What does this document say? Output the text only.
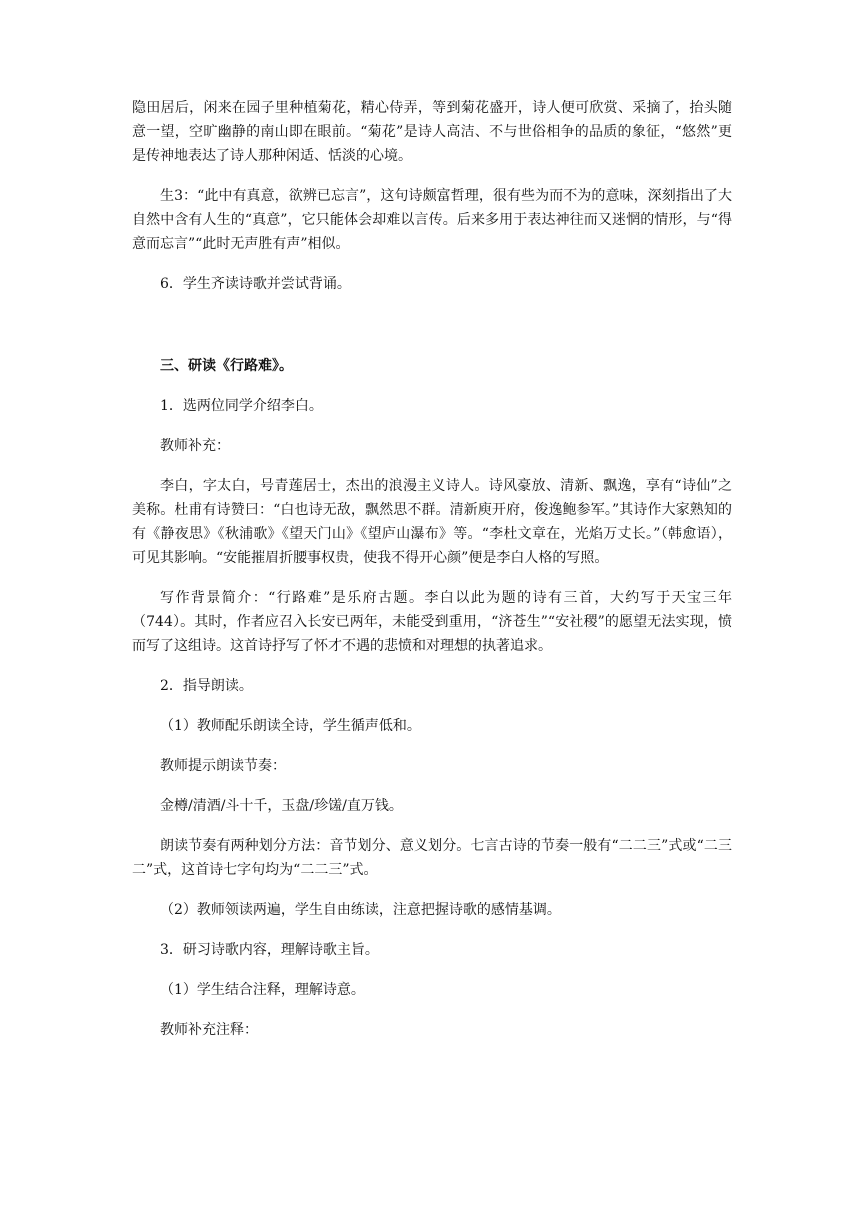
隐田居后，闲来在园子里种植菊花，精心侍弄，等到菊花盛开，诗人便可欣赏、采摘了，抬头随意一望，空旷幽静的南山即在眼前。“菊花”是诗人高洁、不与世俗相争的品质的象征，“悠然”更是传神地表达了诗人那种闲适、恬淡的心境。

生3：“此中有真意，欲辨已忘言”，这句诗颇富哲理，很有些为而不为的意味，深刻指出了大自然中含有人生的“真意”，它只能体会却难以言传。后来多用于表达神往而又迷惘的情形，与“得意而忘言”“此时无声胜有声”相似。

6．学生齐读诗歌并尝试背诵。

三、研读《行路难》。

1．选两位同学介绍李白。

教师补充：

李白，字太白，号青莲居士，杰出的浪漫主义诗人。诗风豪放、清新、飘逸，享有“诗仙”之美称。杜甫有诗赞曰：“白也诗无敌，飘然思不群。清新庾开府，俊逸鲍参军。”其诗作大家熟知的有《静夜思》《秋浦歌》《望天门山》《望庐山瀑布》等。“李杜文章在，光焰万丈长。”（韩愈语），可见其影响。“安能摧眉折腰事权贵，使我不得开心颜”便是李白人格的写照。

写作背景简介：“行路难”是乐府古题。李白以此为题的诗有三首，大约写于天宝三年（744）。其时，作者应召入长安已两年，未能受到重用，“济苍生”“安社稷”的愿望无法实现，愤而写了这组诗。这首诗抒写了怀才不遇的悲愤和对理想的执著追求。

2．指导朗读。

（1）教师配乐朗读全诗，学生循声低和。

教师提示朗读节奏：

金樽/清酒/斗十千，玉盘/珍馐/直万钱。

朗读节奏有两种划分方法：音节划分、意义划分。七言古诗的节奏一般有“二二三”式或“二三二”式，这首诗七字句均为“二二三”式。

（2）教师领读两遍，学生自由练读，注意把握诗歌的感情基调。

3．研习诗歌内容，理解诗歌主旨。

（1）学生结合注释，理解诗意。

教师补充注释：
